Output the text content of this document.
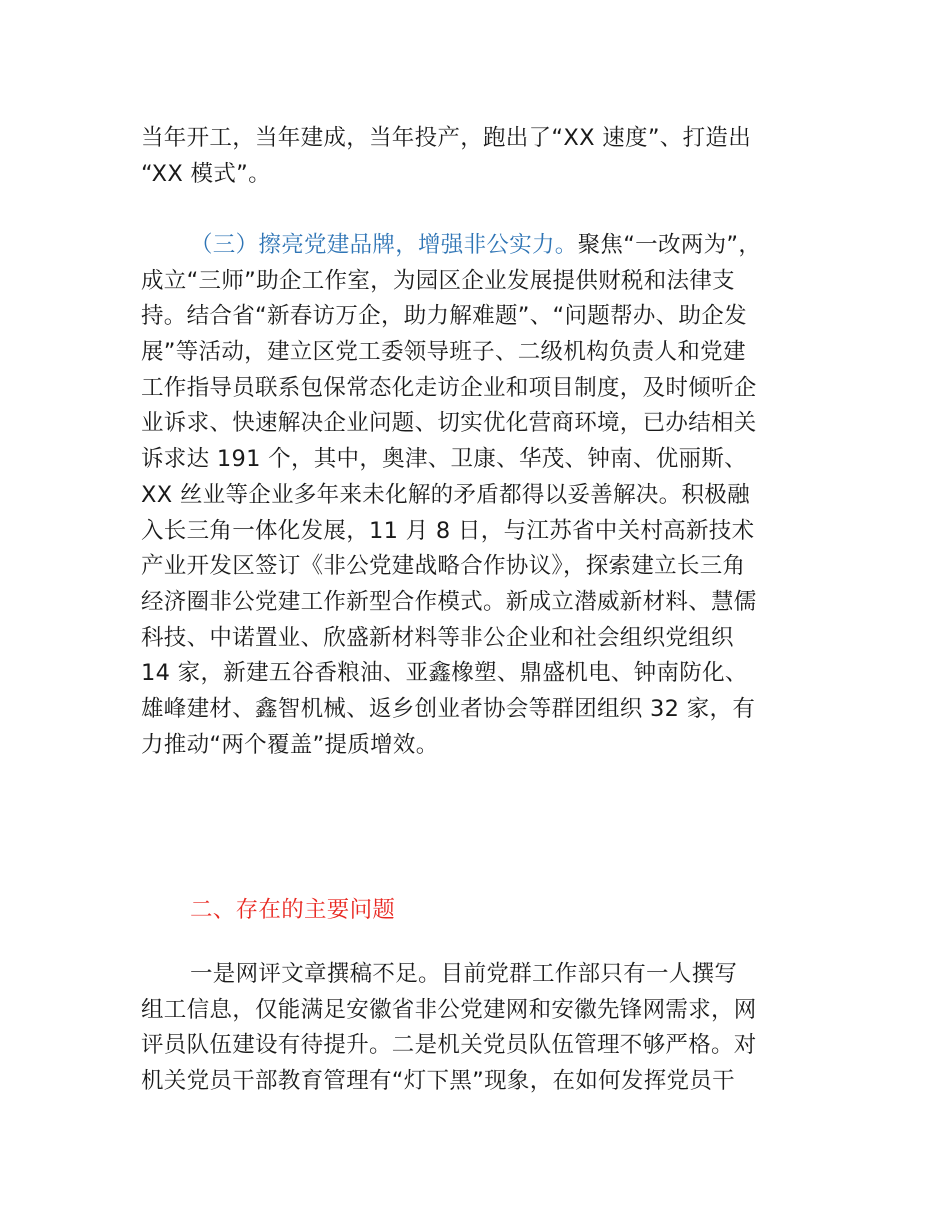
当年开工，当年建成，当年投产，跑出了“XX 速度”、打造出
“XX 模式”。
（三）擦亮党建品牌，增强非公实力。聚焦“一改两为”，
成立“三师”助企工作室，为园区企业发展提供财税和法律支
持。结合省“新春访万企，助力解难题”、“问题帮办、助企发
展”等活动，建立区党工委领导班子、二级机构负责人和党建
工作指导员联系包保常态化走访企业和项目制度，及时倾听企
业诉求、快速解决企业问题、切实优化营商环境，已办结相关
诉求达 191 个，其中，奥津、卫康、华茂、钟南、优丽斯、
XX 丝业等企业多年来未化解的矛盾都得以妥善解决。积极融
入长三角一体化发展，11 月 8 日，与江苏省中关村高新技术
产业开发区签订《非公党建战略合作协议》，探索建立长三角
经济圈非公党建工作新型合作模式。新成立潜威新材料、慧儒
科技、中诺置业、欣盛新材料等非公企业和社会组织党组织
14 家，新建五谷香粮油、亚鑫橡塑、鼎盛机电、钟南防化、
雄峰建材、鑫智机械、返乡创业者协会等群团组织 32 家，有
力推动“两个覆盖”提质增效。
二、存在的主要问题
一是网评文章撰稿不足。目前党群工作部只有一人撰写
组工信息，仅能满足安徽省非公党建网和安徽先锋网需求，网
评员队伍建设有待提升。二是机关党员队伍管理不够严格。对
机关党员干部教育管理有“灯下黑”现象，在如何发挥党员干
